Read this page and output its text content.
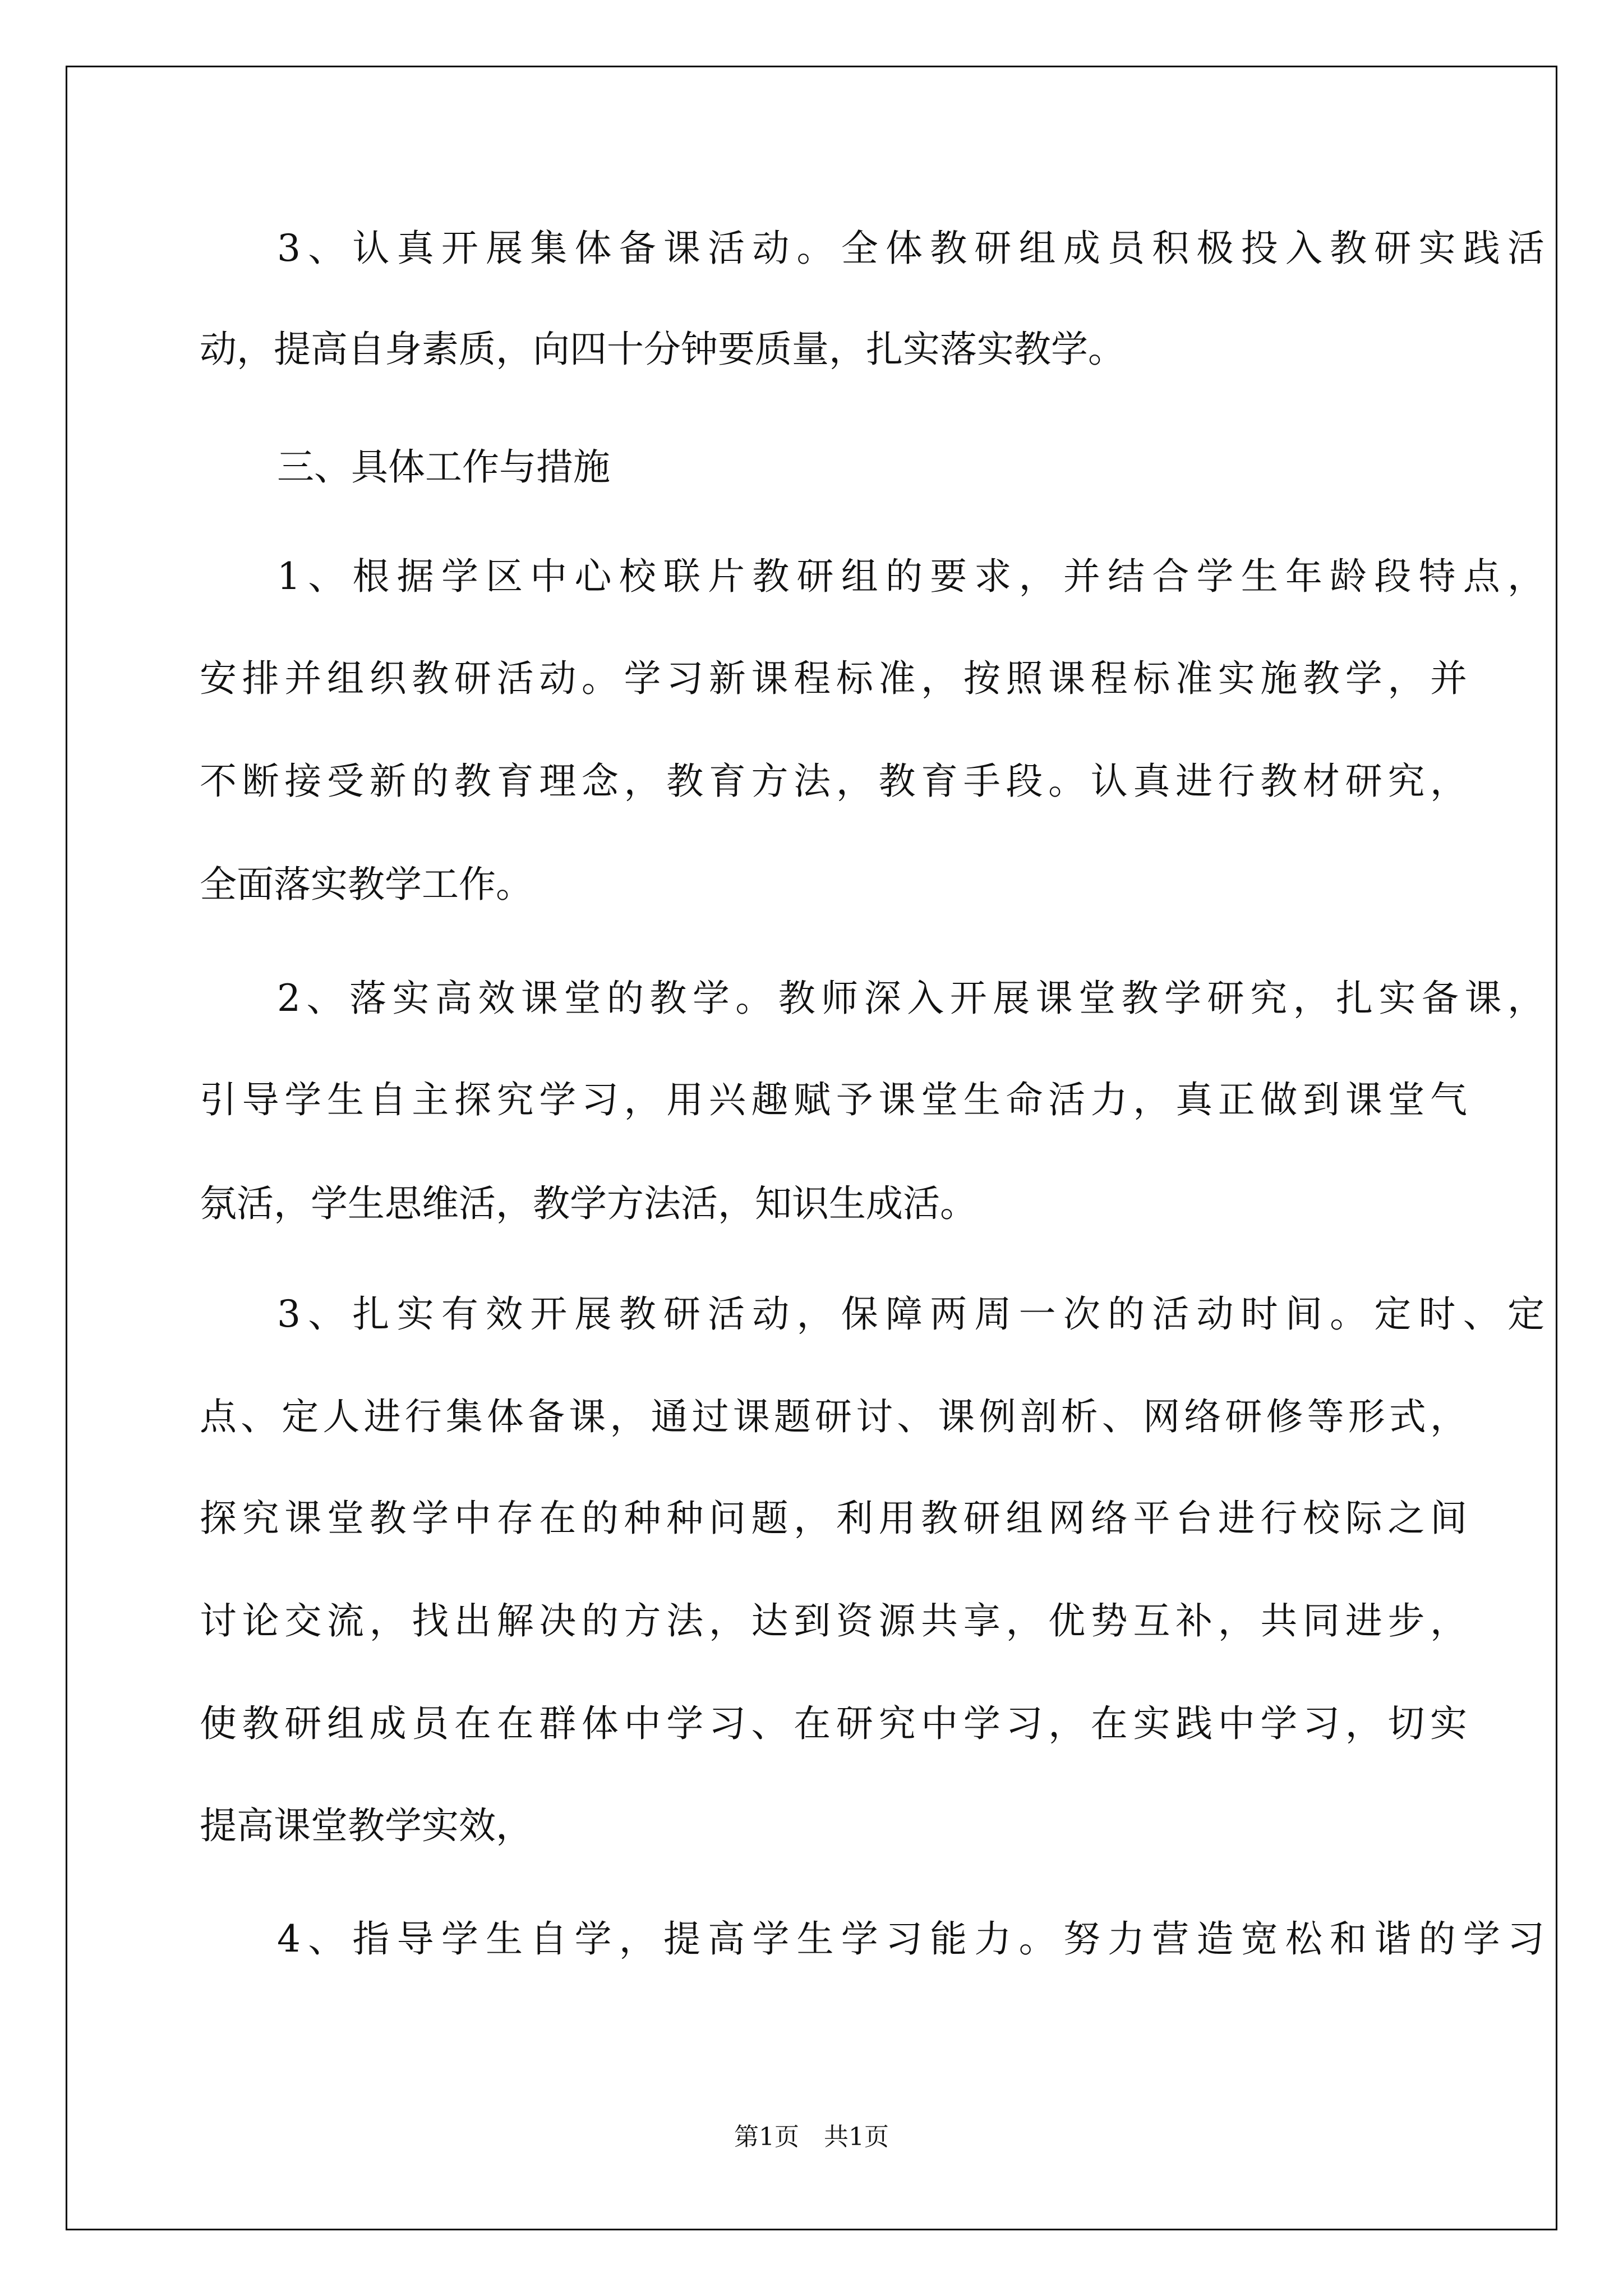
3、认真开展集体备课活动。全体教研组成员积极投入教研实践活

动，提高自身素质，向四十分钟要质量，扎实落实教学。

三、具体工作与措施

1、根据学区中心校联片教研组的要求，并结合学生年龄段特点，

安排并组织教研活动。学习新课程标准，按照课程标准实施教学，并

不断接受新的教育理念，教育方法，教育手段。认真进行教材研究，

全面落实教学工作。

2、落实高效课堂的教学。教师深入开展课堂教学研究，扎实备课，

引导学生自主探究学习，用兴趣赋予课堂生命活力，真正做到课堂气

氛活，学生思维活，教学方法活，知识生成活。

3、扎实有效开展教研活动，保障两周一次的活动时间。定时、定

点、定人进行集体备课，通过课题研讨、课例剖析、网络研修等形式，

探究课堂教学中存在的种种问题，利用教研组网络平台进行校际之间

讨论交流，找出解决的方法，达到资源共享，优势互补，共同进步，

使教研组成员在在群体中学习、在研究中学习，在实践中学习，切实

提高课堂教学实效，

4、指导学生自学，提高学生学习能力。努力营造宽松和谐的学习

第1页　共1页
